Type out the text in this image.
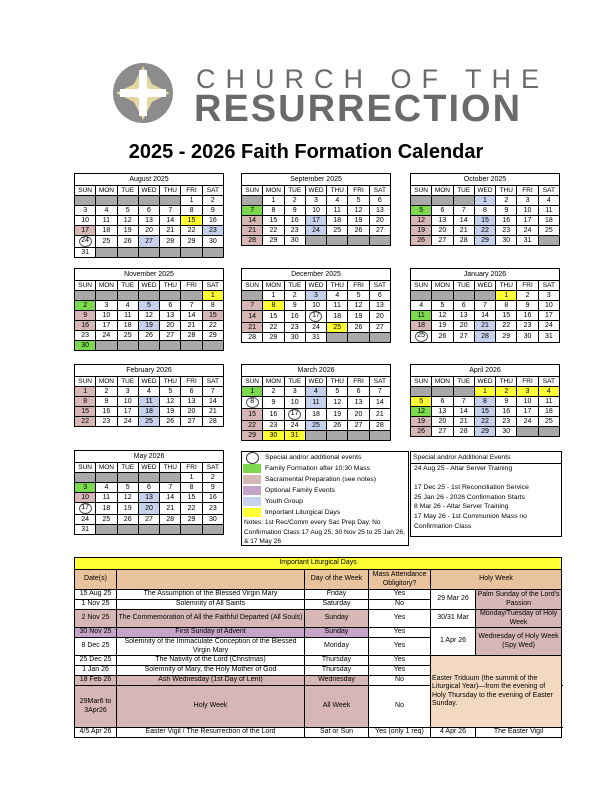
CHURCH OF THE
RESURRECTION
2025 - 2026 Faith Formation Calendar
August 2025
SUN	MON	TUE	WED	THU	FRI	SAT
					1	2
3	4	5	6	7	8	9
10	11	12	13	14	15	16
17	18	19	20	21	22	23
24	25	26	27	28	29	30
31						
September 2025
SUN	MON	TUE	WED	THU	FRI	SAT
	1	2	3	4	5	6
7	8	9	10	11	12	13
14	15	16	17	18	19	20
21	22	23	24	25	26	27
28	29	30				
October 2025
SUN	MON	TUE	WED	THU	FRI	SAT
			1	2	3	4
5	6	7	8	9	10	11
12	13	14	15	16	17	18
19	20	21	22	23	24	25
26	27	28	29	30	31	
November 2025
SUN	MON	TUE	WED	THU	FRI	SAT
						1
2	3	4	5	6	7	8
9	10	11	12	13	14	15
16	17	18	19	20	21	22
23	24	25	26	27	28	29
30						
December 2025
SUN	MON	TUE	WED	THU	FRI	SAT
	1	2	3	4	5	6
7	8	9	10	11	12	13
14	15	16	17	18	19	20
21	22	23	24	25	26	27
28	29	30	31			
January 2026
SUN	MON	TUE	WED	THU	FRI	SAT
				1	2	3
4	5	6	7	8	9	10
11	12	13	14	15	16	17
18	19	20	21	22	23	24
25	26	27	28	29	30	31
February 2026
SUN	MON	TUE	WED	THU	FRI	SAT
1	2	3	4	5	6	7
8	9	10	11	12	13	14
15	16	17	18	19	20	21
22	23	24	25	26	27	28
March 2026
SUN	MON	TUE	WED	THU	FRI	SAT
1	2	3	4	5	6	7
8	9	10	11	12	13	14
15	16	17	18	19	20	21
22	23	24	25	26	27	28
29	30	31				
April 2026
SUN	MON	TUE	WED	THU	FRI	SAT
			1	2	3	4
5	6	7	8	9	10	11
12	13	14	15	16	17	18
19	20	21	22	23	24	25
26	27	28	29	30		
May 2026
SUN	MON	TUE	WED	THU	FRI	SAT
					1	2
3	4	5	6	7	8	9
10	11	12	13	14	15	16
17	18	19	20	21	22	23
24	25	26	27	28	29	30
31						
Special and/or additional events
Family Formation after 10:30 Mass
Sacramental Preparation (see notes)
Optional Family Events
Youth Group
Important Liturgical Days
Notes: 1st Rec/Comm every Sac Prep Day. No Confirmation Class 17 Aug 25, 30 Nov 25 to 25 Jan 26, & 17 May 26
Special and/or Additional Events
24 Aug 25 - Altar Server Training

17 Dec 25 - 1st Reconciliation Service
25 Jan 26 - 2026 Confirmation Starts
8 Mar 26 - Altar Server Training
17 May 26 - 1st Communion Mass no Confirmation Class
Important Liturgical Days
Date(s)		Day of the Week	Mass Attendance Obligitory?	Holy Week
15 Aug 25	The Assumption of the Blessed Virgin Mary	Friday	Yes	29 Mar 26	Palm Sunday of the Lord's Passion
1 Nov 25	Solemnity of All Saints	Saturday	No
2 Nov 25	The Commemoration of All the Faithful Departed (All Souls)	Sunday	Yes	30/31 Mar	Monday/Tuesday of Holy Week
30 Nov 25	First Sunday of Advent	Sunday	Yes	1 Apr 26	Wednesday of Holy Week (Spy Wed)
8 Dec 25	Solemnity of the Immaculate Conception of the Blessed Virgin Mary	Monday	Yes
25 Dec 25	The Nativity of the Lord (Christmas)	Thursday	Yes	Easter Triduum (the summit of the Liturgical Year)—from the evening of Holy Thursday to the evening of Easter Sunday.
1 Jan 26	Solemnity of Mary, the Holy Mother of God	Thursday	Yes
18 Feb 26	Ash Wednesday (1st Day of Lent)	Wednesday	No
29Mar6 to 3Apr26	Holy Week	All Week	No	

4/5 Apr 26	Easter Vigil / The Resurrection of the Lord	Sat or Sun	Yes (only 1 req)	4 Apr 26	The Easter Vigil
